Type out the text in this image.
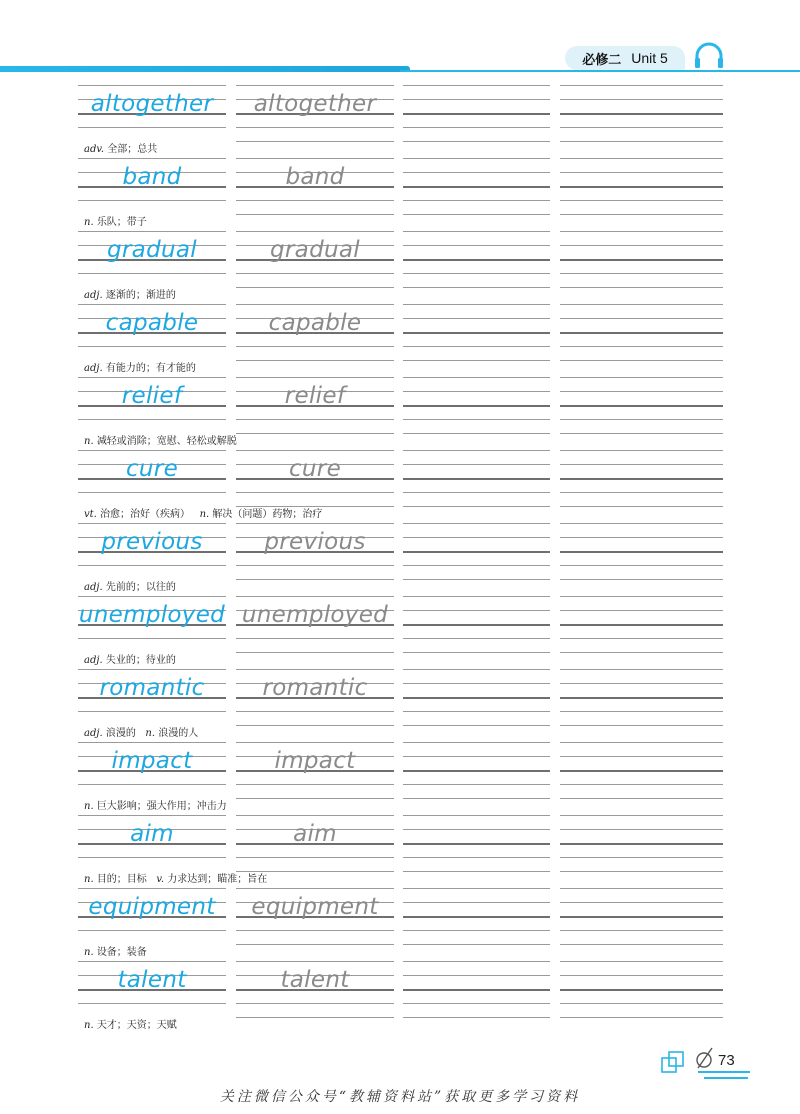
必修二 Unit 5
altogether	altogether
adv. 全部；总共
band	band
n. 乐队；带子
gradual	gradual
adj. 逐渐的；渐进的
capable	capable
adj. 有能力的；有才能的
relief	relief
n. 减轻或消除；宽慰、轻松或解脱
cure	cure
vt. 治愈；治好（疾病） n. 解决（问题）药物；治疗
previous	previous
adj. 先前的；以往的
unemployed unemployed
adj. 失业的；待业的
romantic	romantic
adj. 浪漫的 n. 浪漫的人
impact	impact
n. 巨大影响；强大作用；冲击力
aim	aim
n. 目的；目标 v. 力求达到；瞄准；旨在
equipment	equipment
n. 设备；装备
talent	talent
n. 天才；天资；天赋
73
关注微信公众号“教辅资料站”获取更多学习资料
